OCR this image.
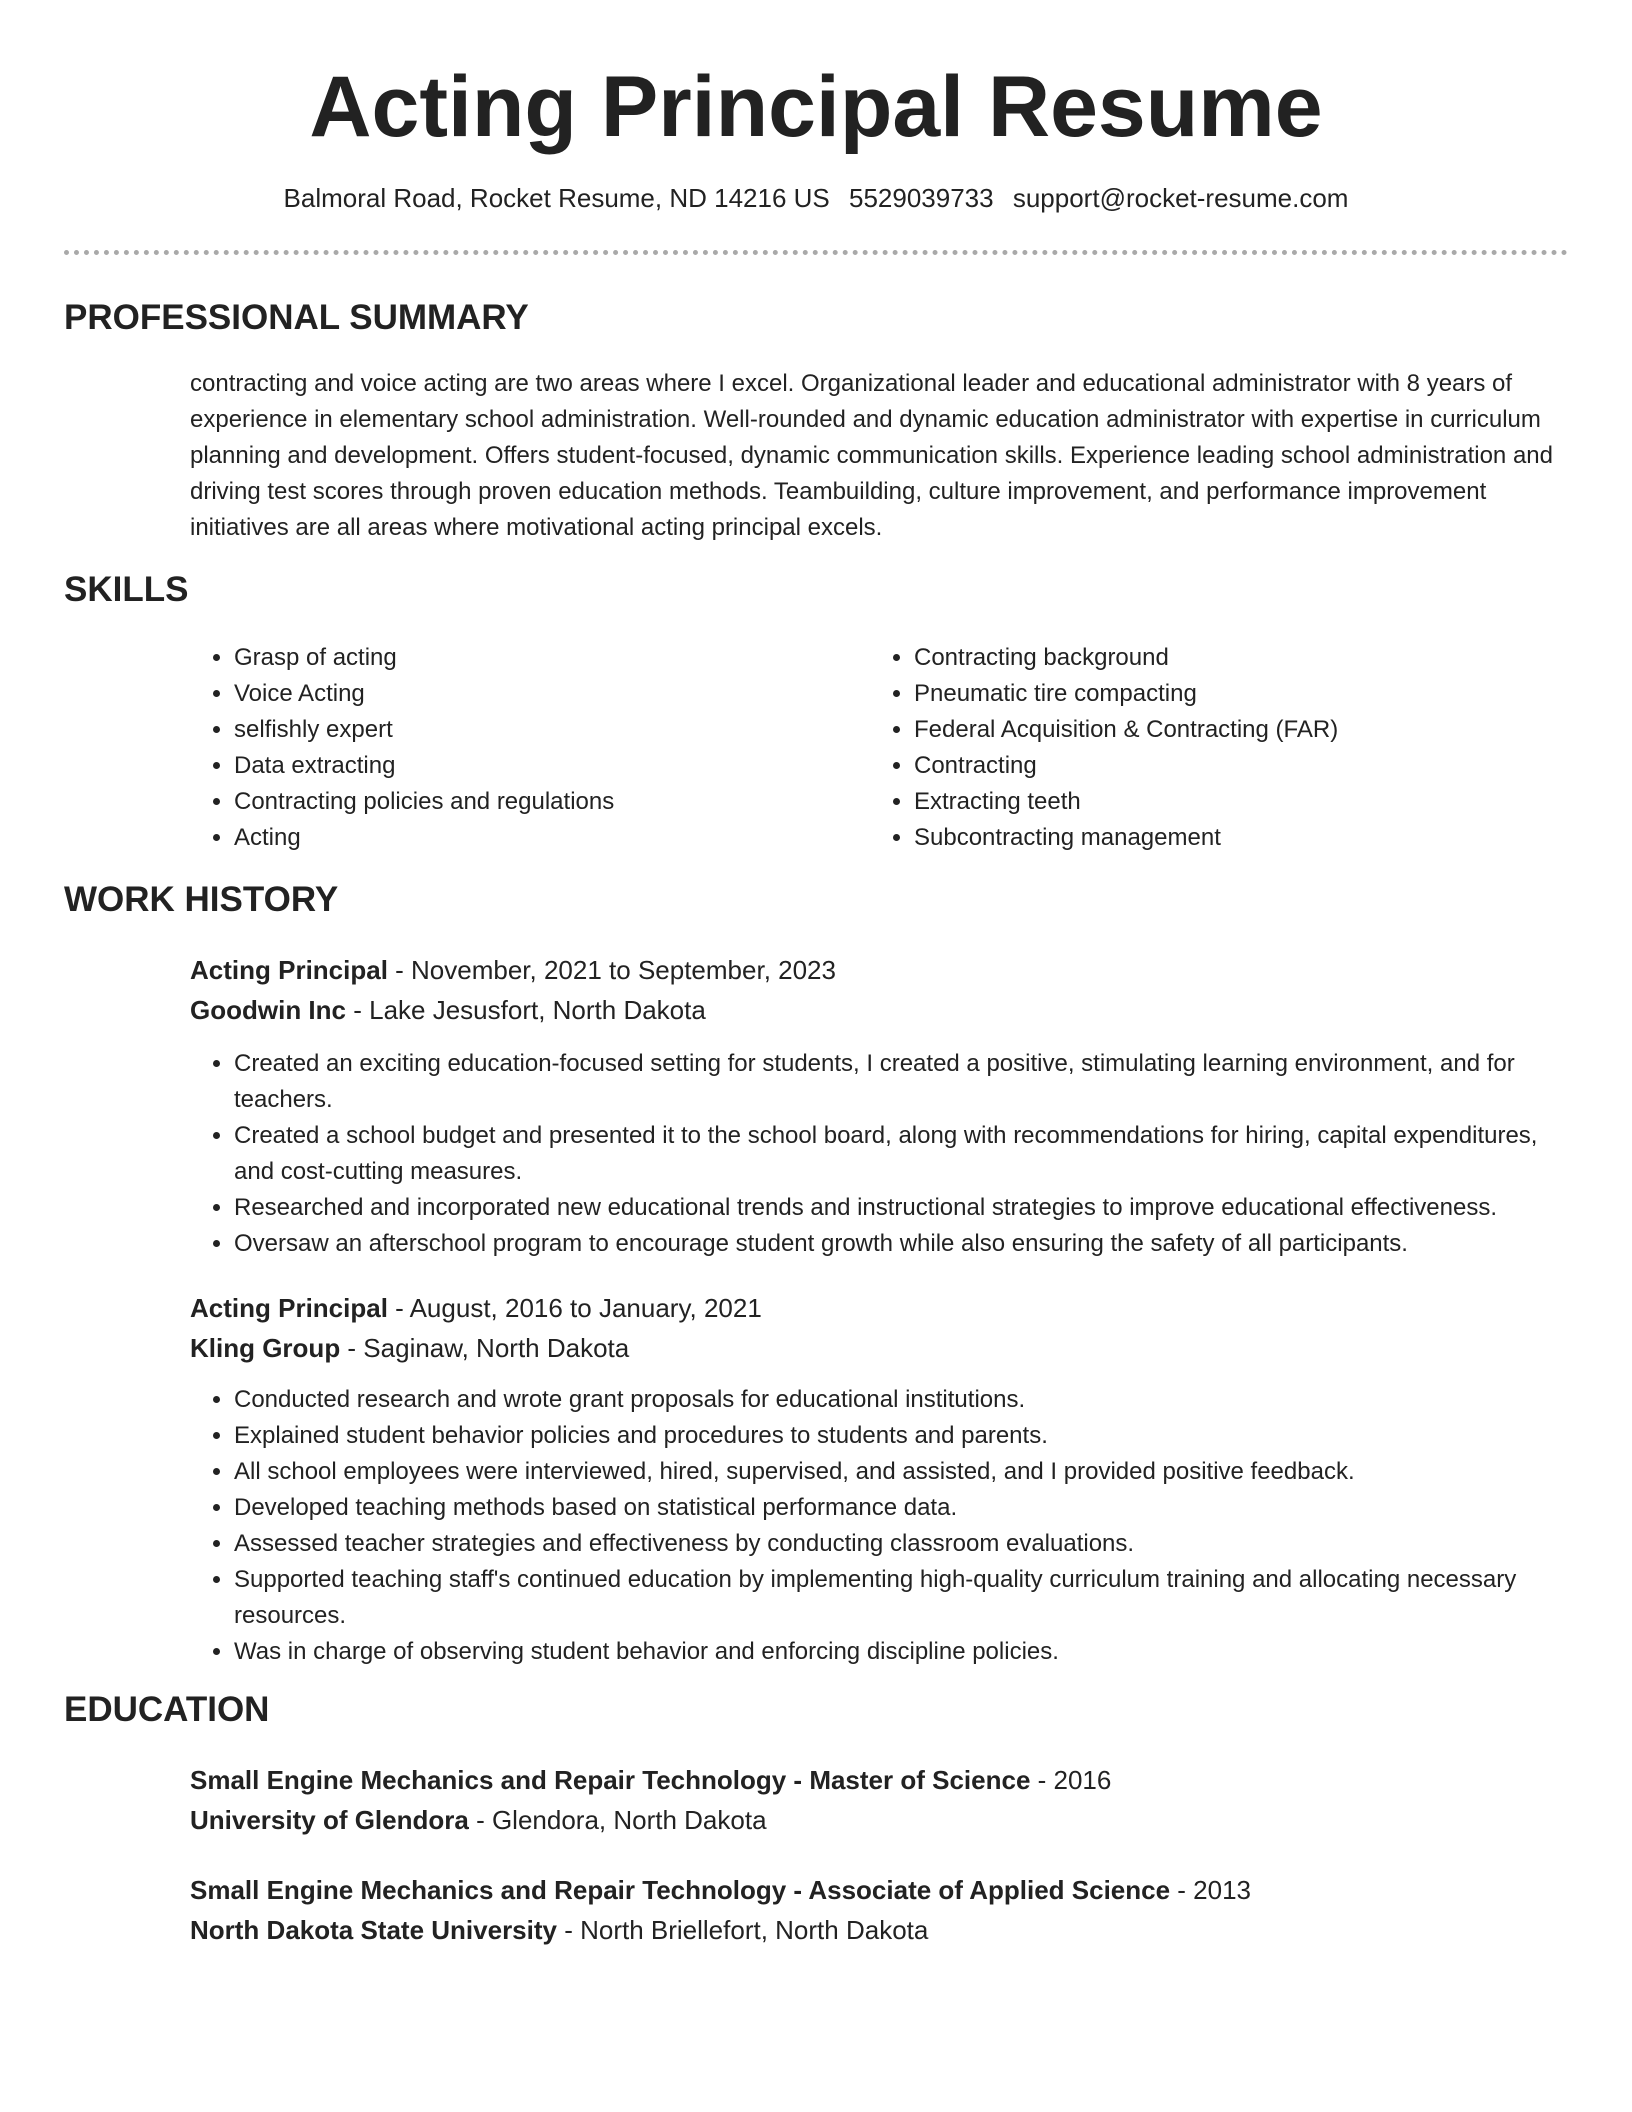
Acting Principal Resume
Balmoral Road, Rocket Resume, ND 14216 US 5529039733 support@rocket-resume.com
PROFESSIONAL SUMMARY

contracting and voice acting are two areas where I excel. Organizational leader and educational administrator with 8 years of experience in elementary school administration. Well-rounded and dynamic education administrator with expertise in curriculum planning and development. Offers student-focused, dynamic communication skills. Experience leading school administration and driving test scores through proven education methods. Teambuilding, culture improvement, and performance improvement initiatives are all areas where motivational acting principal excels.

SKILLS
• Grasp of acting
• Voice Acting
• selfishly expert
• Data extracting
• Contracting policies and regulations
• Acting
• Contracting background
• Pneumatic tire compacting
• Federal Acquisition & Contracting (FAR)
• Contracting
• Extracting teeth
• Subcontracting management
WORK HISTORY
Acting Principal - November, 2021 to September, 2023
Goodwin Inc - Lake Jesusfort, North Dakota
• Created an exciting education-focused setting for students, I created a positive, stimulating learning environment, and for teachers.
• Created a school budget and presented it to the school board, along with recommendations for hiring, capital expenditures, and cost-cutting measures.
• Researched and incorporated new educational trends and instructional strategies to improve educational effectiveness.
• Oversaw an afterschool program to encourage student growth while also ensuring the safety of all participants.
Acting Principal - August, 2016 to January, 2021
Kling Group - Saginaw, North Dakota
• Conducted research and wrote grant proposals for educational institutions.
• Explained student behavior policies and procedures to students and parents.
• All school employees were interviewed, hired, supervised, and assisted, and I provided positive feedback.
• Developed teaching methods based on statistical performance data.
• Assessed teacher strategies and effectiveness by conducting classroom evaluations.
• Supported teaching staff's continued education by implementing high-quality curriculum training and allocating necessary resources.
• Was in charge of observing student behavior and enforcing discipline policies.
EDUCATION
Small Engine Mechanics and Repair Technology - Master of Science - 2016
University of Glendora - Glendora, North Dakota
Small Engine Mechanics and Repair Technology - Associate of Applied Science - 2013
North Dakota State University - North Briellefort, North Dakota
